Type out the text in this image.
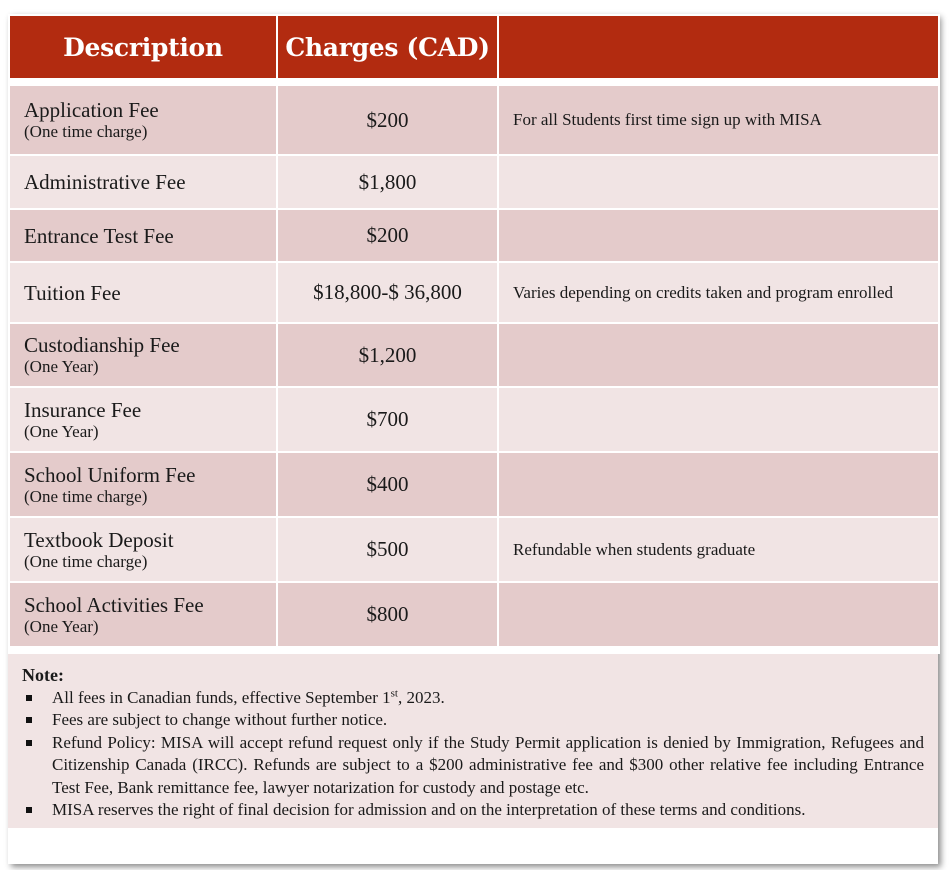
Description	Charges (CAD)	

Application Fee
(One time charge)	$200	For all Students first time sign up with MISA

Administrative Fee	$1,800	

Entrance Test Fee	$200	

Tuition Fee	$18,800-$ 36,800	Varies depending on credits taken and program enrolled

Custodianship Fee
(One Year)	$1,200	

Insurance Fee
(One Year)	$700	

School Uniform Fee
(One time charge)	$400	

Textbook Deposit
(One time charge)	$500	Refundable when students graduate

School Activities Fee
(One Year)	$800	

Note:
All fees in Canadian funds, effective September 1st, 2023.
Fees are subject to change without further notice.
Refund Policy: MISA will accept refund request only if the Study Permit application is denied by Immigration, Refugees and Citizenship Canada (IRCC). Refunds are subject to a $200 administrative fee and $300 other relative fee including Entrance Test Fee, Bank remittance fee, lawyer notarization for custody and postage etc.
MISA reserves the right of final decision for admission and on the interpretation of these terms and conditions.
